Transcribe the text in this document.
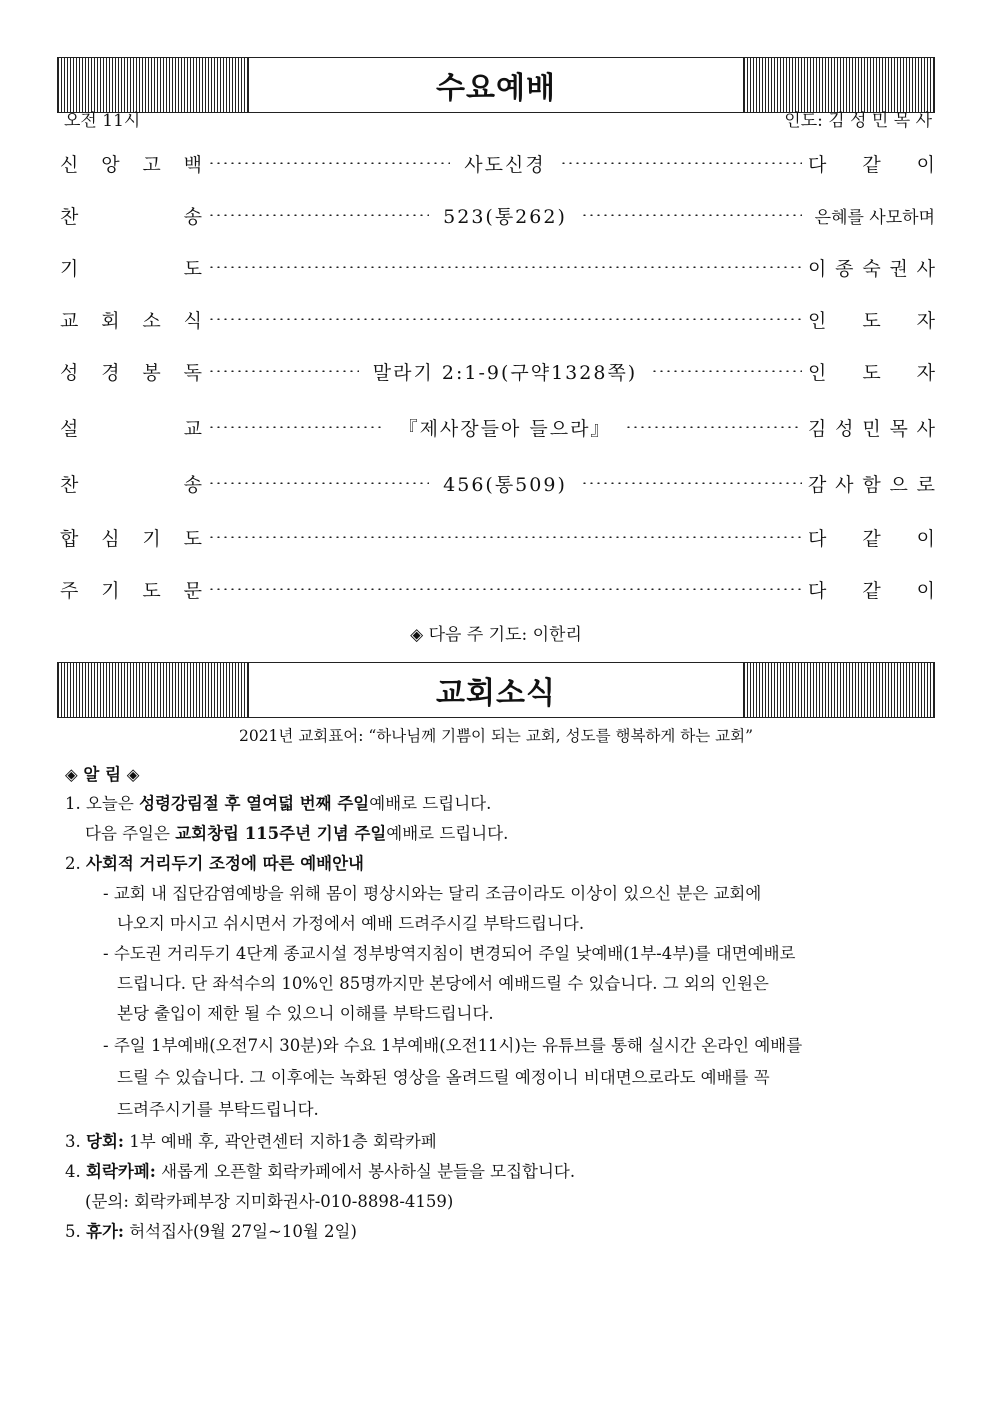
수요예배
오전 11시	인도: 김 성 민 목 사
신 앙 고 백	사도신경	다 같 이
찬	송	523(통262)	은혜를 사모하며
기	도	이 종 숙 권 사
교 회 소 식	인 도 자
성 경 봉 독	말라기 2:1-9(구약1328쪽)	인 도 자
설	교	『제사장들아 들으라』	김 성 민 목 사
찬	송	456(통509)	감 사 함 으 로
합 심 기 도	다 같 이
주 기 도 문	다 같 이
◈ 다음 주 기도: 이한리
교회소식
2021년 교회표어: “하나님께 기쁨이 되는 교회, 성도를 행복하게 하는 교회”
◈ 알 림 ◈
1. 오늘은 성령강림절 후 열여덟 번째 주일예배로 드립니다.
다음 주일은 교회창립 115주년 기념 주일예배로 드립니다.
2. 사회적 거리두기 조정에 따른 예배안내
- 교회 내 집단감염예방을 위해 몸이 평상시와는 달리 조금이라도 이상이 있으신 분은 교회에
나오지 마시고 쉬시면서 가정에서 예배 드려주시길 부탁드립니다.
- 수도권 거리두기 4단계 종교시설 정부방역지침이 변경되어 주일 낮예배(1부-4부)를 대면예배로
드립니다. 단 좌석수의 10%인 85명까지만 본당에서 예배드릴 수 있습니다. 그 외의 인원은
본당 출입이 제한 될 수 있으니 이해를 부탁드립니다.
- 주일 1부예배(오전7시 30분)와 수요 1부예배(오전11시)는 유튜브를 통해 실시간 온라인 예배를
드릴 수 있습니다. 그 이후에는 녹화된 영상을 올려드릴 예정이니 비대면으로라도 예배를 꼭
드려주시기를 부탁드립니다.
3. 당회: 1부 예배 후, 곽안련센터 지하1층 회락카페
4. 회락카페: 새롭게 오픈할 회락카페에서 봉사하실 분들을 모집합니다.
(문의: 회락카페부장 지미화권사-010-8898-4159)
5. 휴가: 허석집사(9월 27일~10월 2일)
